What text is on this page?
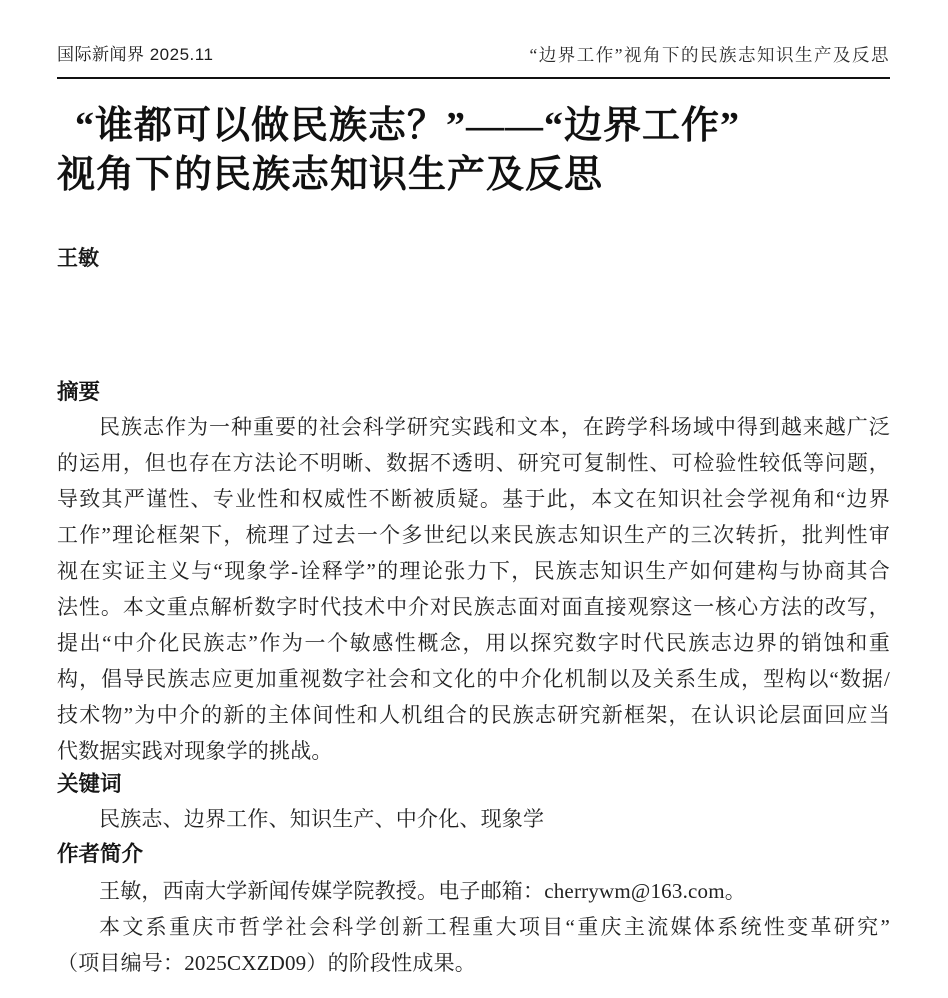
国际新闻界 2025.11	“边界工作”视角下的民族志知识生产及反思
“谁都可以做民族志？”——“边界工作”
视角下的民族志知识生产及反思
王敏
摘要
民族志作为一种重要的社会科学研究实践和文本，在跨学科场域中得到越来越广泛
的运用，但也存在方法论不明晰、数据不透明、研究可复制性、可检验性较低等问题，
导致其严谨性、专业性和权威性不断被质疑。基于此，本文在知识社会学视角和“边界
工作”理论框架下，梳理了过去一个多世纪以来民族志知识生产的三次转折，批判性审
视在实证主义与“现象学-诠释学”的理论张力下，民族志知识生产如何建构与协商其合
法性。本文重点解析数字时代技术中介对民族志面对面直接观察这一核心方法的改写，
提出“中介化民族志”作为一个敏感性概念，用以探究数字时代民族志边界的销蚀和重
构，倡导民族志应更加重视数字社会和文化的中介化机制以及关系生成，型构以“数据/
技术物”为中介的新的主体间性和人机组合的民族志研究新框架，在认识论层面回应当
代数据实践对现象学的挑战。
关键词
民族志、边界工作、知识生产、中介化、现象学
作者简介
王敏，西南大学新闻传媒学院教授。电子邮箱：cherrywm@163.com。
本文系重庆市哲学社会科学创新工程重大项目“重庆主流媒体系统性变革研究”
（项目编号：2025CXZD09）的阶段性成果。
